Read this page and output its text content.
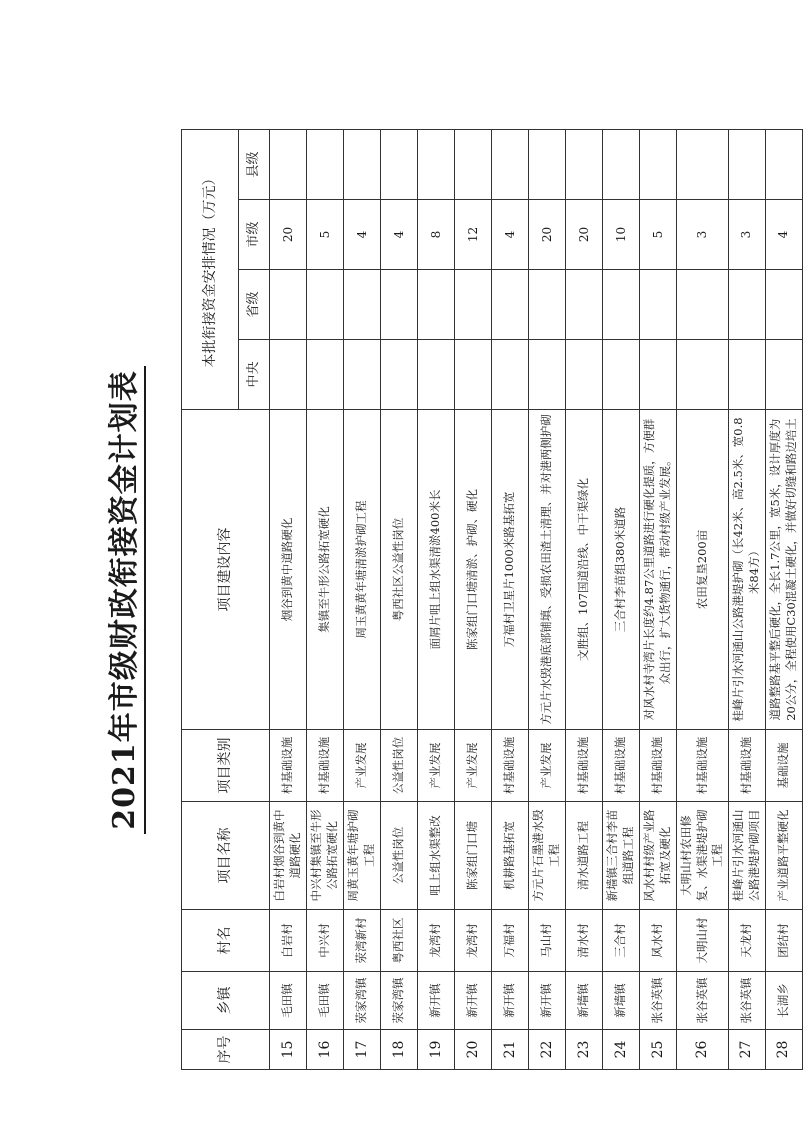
2021年市级财政衔接资金计划表
序号	乡镇	村名	项目名称	项目类别	项目建设内容	本批衔接资金安排情况（万元）			
						中央	省级	市级	县级
15	毛田镇	白岩村	白岩村烟谷到黄中道路硬化	村基础设施	烟谷到黄中道路硬化			20	
16	毛田镇	中兴村	中兴村集镇至牛形公路拓宽硬化	村基础设施	集镇至牛形公路拓宽硬化			5	
17	荥家湾镇	荥湾新村	周黄玉黄年塘护砌工程	产业发展	周玉黄黄年塘清淤护砌工程			4	
18	荥家湾镇	粤西社区	公益性岗位	公益性岗位	粤西社区公益性岗位			4	
19	新开镇	龙湾村	咀上组水渠整改	产业发展	面屑片咀上组水渠清淤400米长			8	
20	新开镇	龙湾村	陈家组门口塘	产业发展	陈家组门口塘清淤、护砌、硬化			12	
21	新开镇	万福村	机耕路基拓宽	村基础设施	万福村卫星片1000米路基拓宽			4	
22	新开镇	马山村	方元片石墨港水毁工程	产业发展	方元片水毁港底部铺填、受损农田渣土清理、并对港两侧护砌			20	
23	新墙镇	清水村	清水道路工程	村基础设施	文胜组、107国道沿线、中干渠绿化			20	
24	新墙镇	三合村	新墙镇三合村李苗组道路工程	村基础设施	三合村李苗组380米道路			10	
25	张谷英镇	风水村	风水村村级产业路拓宽及硬化	村基础设施	对风水村寺湾片长度约4.87公里道路进行硬化提质，方便群众出行，扩大货物通行，带动村级产业发展。			5	
26	张谷英镇	大明山村	大明山村农田修复、水渠港堤护砌工程	村基础设施	农田复垦200亩			3	
27	张谷英镇	天龙村	桂峰片引水河通山公路港堤护砌项目	村基础设施	桂峰片引水河通山公路港堤护砌（长42米、高2.5米、宽0.8米84方）			3	
28	长湖乡	团结村	产业道路平整硬化	基础设施	道路整路基平整后硬化，全长1.7公里，宽5米，设计厚度为20公分，全程使用C30混凝土硬化，并做好切缝和路边培土			4	
